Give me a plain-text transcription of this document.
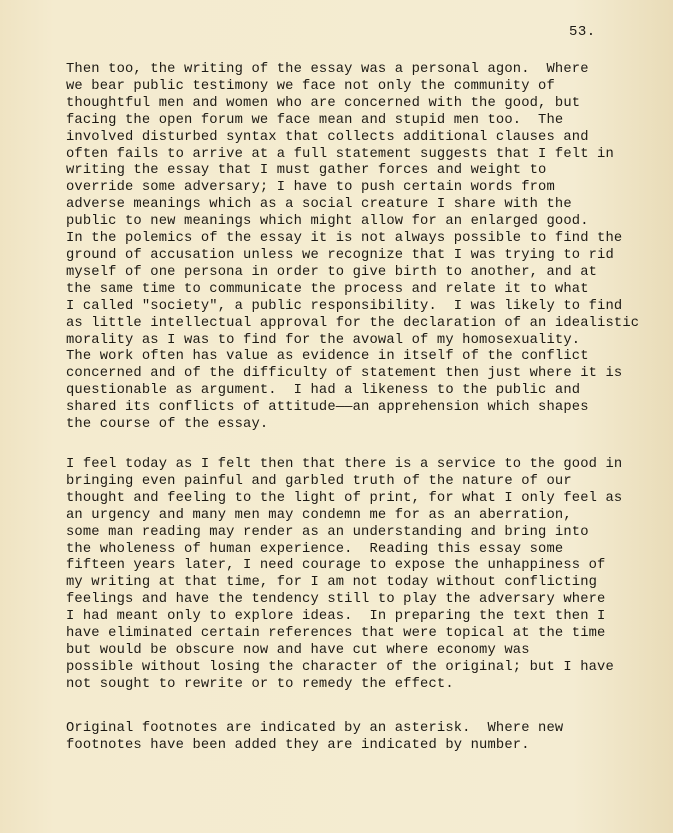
53.
Then too, the writing of the essay was a personal agon.  Where
we bear public testimony we face not only the community of
thoughtful men and women who are concerned with the good, but
facing the open forum we face mean and stupid men too.  The
involved disturbed syntax that collects additional clauses and
often fails to arrive at a full statement suggests that I felt in
writing the essay that I must gather forces and weight to
override some adversary; I have to push certain words from
adverse meanings which as a social creature I share with the
public to new meanings which might allow for an enlarged good.
In the polemics of the essay it is not always possible to find the
ground of accusation unless we recognize that I was trying to rid
myself of one persona in order to give birth to another, and at
the same time to communicate the process and relate it to what
I called "society", a public responsibility.  I was likely to find
as little intellectual approval for the declaration of an idealistic
morality as I was to find for the avowal of my homosexuality.
The work often has value as evidence in itself of the conflict
concerned and of the difficulty of statement then just where it is
questionable as argument.  I had a likeness to the public and
shared its conflicts of attitude——an apprehension which shapes
the course of the essay.
I feel today as I felt then that there is a service to the good in
bringing even painful and garbled truth of the nature of our
thought and feeling to the light of print, for what I only feel as
an urgency and many men may condemn me for as an aberration,
some man reading may render as an understanding and bring into
the wholeness of human experience.  Reading this essay some
fifteen years later, I need courage to expose the unhappiness of
my writing at that time, for I am not today without conflicting
feelings and have the tendency still to play the adversary where
I had meant only to explore ideas.  In preparing the text then I
have eliminated certain references that were topical at the time
but would be obscure now and have cut where economy was
possible without losing the character of the original; but I have
not sought to rewrite or to remedy the effect.
Original footnotes are indicated by an asterisk.  Where new
footnotes have been added they are indicated by number.
